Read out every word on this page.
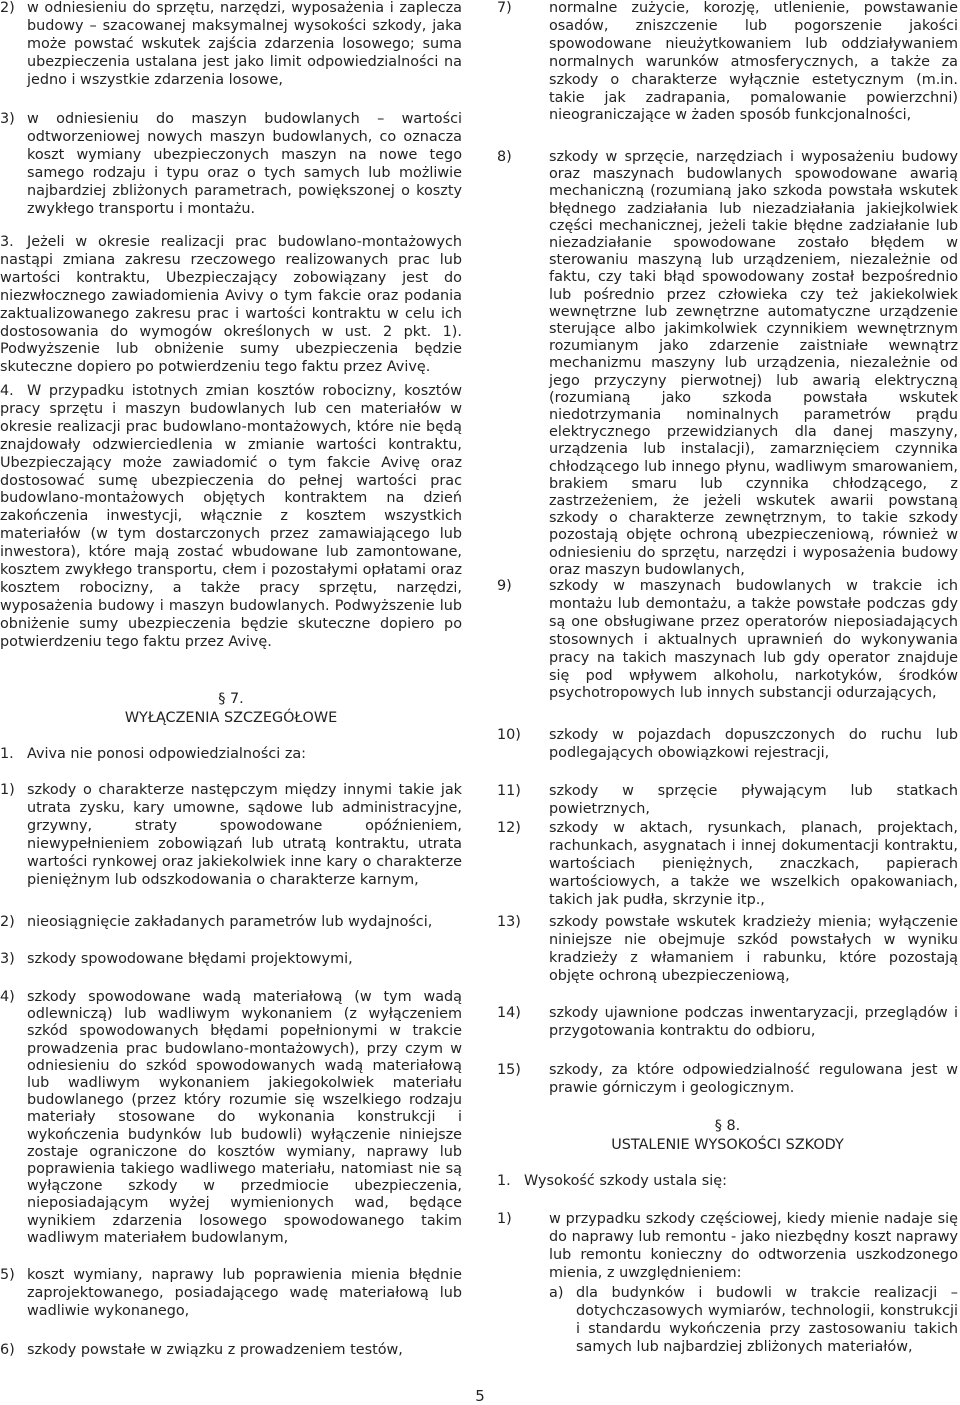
2) w odniesieniu do sprzętu, narzędzi, wyposażenia i zaplecza budowy – szacowanej maksymalnej wysokości szkody, jaka może powstać wskutek zajścia zdarzenia losowego; suma ubezpieczenia ustalana jest jako limit odpowiedzialności na jedno i wszystkie zdarzenia losowe,
3) w odniesieniu do maszyn budowlanych – wartości odtworzeniowej nowych maszyn budowlanych, co oznacza koszt wymiany ubezpieczonych maszyn na nowe tego samego rodzaju i typu oraz o tych samych lub możliwie najbardziej zbliżonych parametrach, powiększonej o koszty zwykłego transportu i montażu.
3. Jeżeli w okresie realizacji prac budowlano-montażowych nastąpi zmiana zakresu rzeczowego realizowanych prac lub wartości kontraktu, Ubezpieczający zobowiązany jest do niezwłocznego zawiadomienia Avivy o tym fakcie oraz podania zaktualizowanego zakresu prac i wartości kontraktu w celu ich dostosowania do wymogów określonych w ust. 2 pkt. 1). Podwyższenie lub obniżenie sumy ubezpieczenia będzie skuteczne dopiero po potwierdzeniu tego faktu przez Avivę.
4. W przypadku istotnych zmian kosztów robocizny, kosztów pracy sprzętu i maszyn budowlanych lub cen materiałów w okresie realizacji prac budowlano-montażowych, które nie będą znajdowały odzwierciedlenia w zmianie wartości kontraktu, Ubezpieczający może zawiadomić o tym fakcie Avivę oraz dostosować sumę ubezpieczenia do pełnej wartości prac budowlano-montażowych objętych kontraktem na dzień zakończenia inwestycji, włącznie z kosztem wszystkich materiałów (w tym dostarczonych przez zamawiającego lub inwestora), które mają zostać wbudowane lub zamontowane, kosztem zwykłego transportu, cłem i pozostałymi opłatami oraz kosztem robocizny, a także pracy sprzętu, narzędzi, wyposażenia budowy i maszyn budowlanych. Podwyższenie lub obniżenie sumy ubezpieczenia będzie skuteczne dopiero po potwierdzeniu tego faktu przez Avivę.
§ 7.
WYŁĄCZENIA SZCZEGÓŁOWE
1. Aviva nie ponosi odpowiedzialności za:
1) szkody o charakterze następczym między innymi takie jak utrata zysku, kary umowne, sądowe lub administracyjne, grzywny, straty spowodowane opóźnieniem, niewypełnieniem zobowiązań lub utratą kontraktu, utrata wartości rynkowej oraz jakiekolwiek inne kary o charakterze pieniężnym lub odszkodowania o charakterze karnym,
2) nieosiągnięcie zakładanych parametrów lub wydajności,
3) szkody spowodowane błędami projektowymi,
4) szkody spowodowane wadą materiałową (w tym wadą odlewniczą) lub wadliwym wykonaniem (z wyłączeniem szkód spowodowanych błędami popełnionymi w trakcie prowadzenia prac budowlano-montażowych), przy czym w odniesieniu do szkód spowodowanych wadą materiałową lub wadliwym wykonaniem jakiegokolwiek materiału budowlanego (przez który rozumie się wszelkiego rodzaju materiały stosowane do wykonania konstrukcji i wykończenia budynków lub budowli) wyłączenie niniejsze zostaje ograniczone do kosztów wymiany, naprawy lub poprawienia takiego wadliwego materiału, natomiast nie są wyłączone szkody w przedmiocie ubezpieczenia, nieposiadającym wyżej wymienionych wad, będące wynikiem zdarzenia losowego spowodowanego takim wadliwym materiałem budowlanym,
5) koszt wymiany, naprawy lub poprawienia mienia błędnie zaprojektowanego, posiadającego wadę materiałową lub wadliwie wykonanego,
6) szkody powstałe w związku z prowadzeniem testów,
7)	normalne zużycie, korozję, utlenienie, powstawanie osadów, zniszczenie lub pogorszenie jakości spowodowane nieużytkowaniem lub oddziaływaniem normalnych warunków atmosferycznych, a także za szkody o charakterze wyłącznie estetycznym (m.in. takie jak zadrapania, pomalowanie powierzchni) nieograniczające w żaden sposób funkcjonalności,
8)	szkody w sprzęcie, narzędziach i wyposażeniu budowy oraz maszynach budowlanych spowodowane awarią mechaniczną (rozumianą jako szkoda powstała wskutek błędnego zadziałania lub niezadziałania jakiejkolwiek części mechanicznej, jeżeli takie błędne zadziałanie lub niezadziałanie spowodowane zostało błędem w sterowaniu maszyną lub urządzeniem, niezależnie od faktu, czy taki błąd spowodowany został bezpośrednio lub pośrednio przez człowieka czy też jakiekolwiek wewnętrzne lub zewnętrzne automatyczne urządzenie sterujące albo jakimkolwiek czynnikiem wewnętrznym rozumianym jako zdarzenie zaistniałe wewnątrz mechanizmu maszyny lub urządzenia, niezależnie od jego przyczyny pierwotnej) lub awarią elektryczną (rozumianą jako szkoda powstała wskutek niedotrzymania nominalnych parametrów prądu elektrycznego przewidzianych dla danej maszyny, urządzenia lub instalacji), zamarznięciem czynnika chłodzącego lub innego płynu, wadliwym smarowaniem, brakiem smaru lub czynnika chłodzącego, z zastrzeżeniem, że jeżeli wskutek awarii powstaną szkody o charakterze zewnętrznym, to takie szkody pozostają objęte ochroną ubezpieczeniową, również w odniesieniu do sprzętu, narzędzi i wyposażenia budowy oraz maszyn budowlanych,
9)	szkody w maszynach budowlanych w trakcie ich montażu lub demontażu, a także powstałe podczas gdy są one obsługiwane przez operatorów nieposiadających stosownych i aktualnych uprawnień do wykonywania pracy na takich maszynach lub gdy operator znajduje się pod wpływem alkoholu, narkotyków, środków psychotropowych lub innych substancji odurzających,
10) szkody w pojazdach dopuszczonych do ruchu lub podlegających obowiązkowi rejestracji,
11) szkody w sprzęcie pływającym lub statkach powietrznych,
12) szkody w aktach, rysunkach, planach, projektach, rachunkach, asygnatach i innej dokumentacji kontraktu, wartościach pieniężnych, znaczkach, papierach wartościowych, a także we wszelkich opakowaniach, takich jak pudła, skrzynie itp.,
13) szkody powstałe wskutek kradzieży mienia; wyłączenie niniejsze nie obejmuje szkód powstałych w wyniku kradzieży z włamaniem i rabunku, które pozostają objęte ochroną ubezpieczeniową,
14) szkody ujawnione podczas inwentaryzacji, przeglądów i przygotowania kontraktu do odbioru,
15) szkody, za które odpowiedzialność regulowana jest w prawie górniczym i geologicznym.
§ 8.
USTALENIE WYSOKOŚCI SZKODY
1. Wysokość szkody ustala się:
1)	w przypadku szkody częściowej, kiedy mienie nadaje się do naprawy lub remontu - jako niezbędny koszt naprawy lub remontu konieczny do odtworzenia uszkodzonego mienia, z uwzględnieniem:
a) dla budynków i budowli w trakcie realizacji – dotychczasowych wymiarów, technologii, konstrukcji i standardu wykończenia przy zastosowaniu takich samych lub najbardziej zbliżonych materiałów,
5
